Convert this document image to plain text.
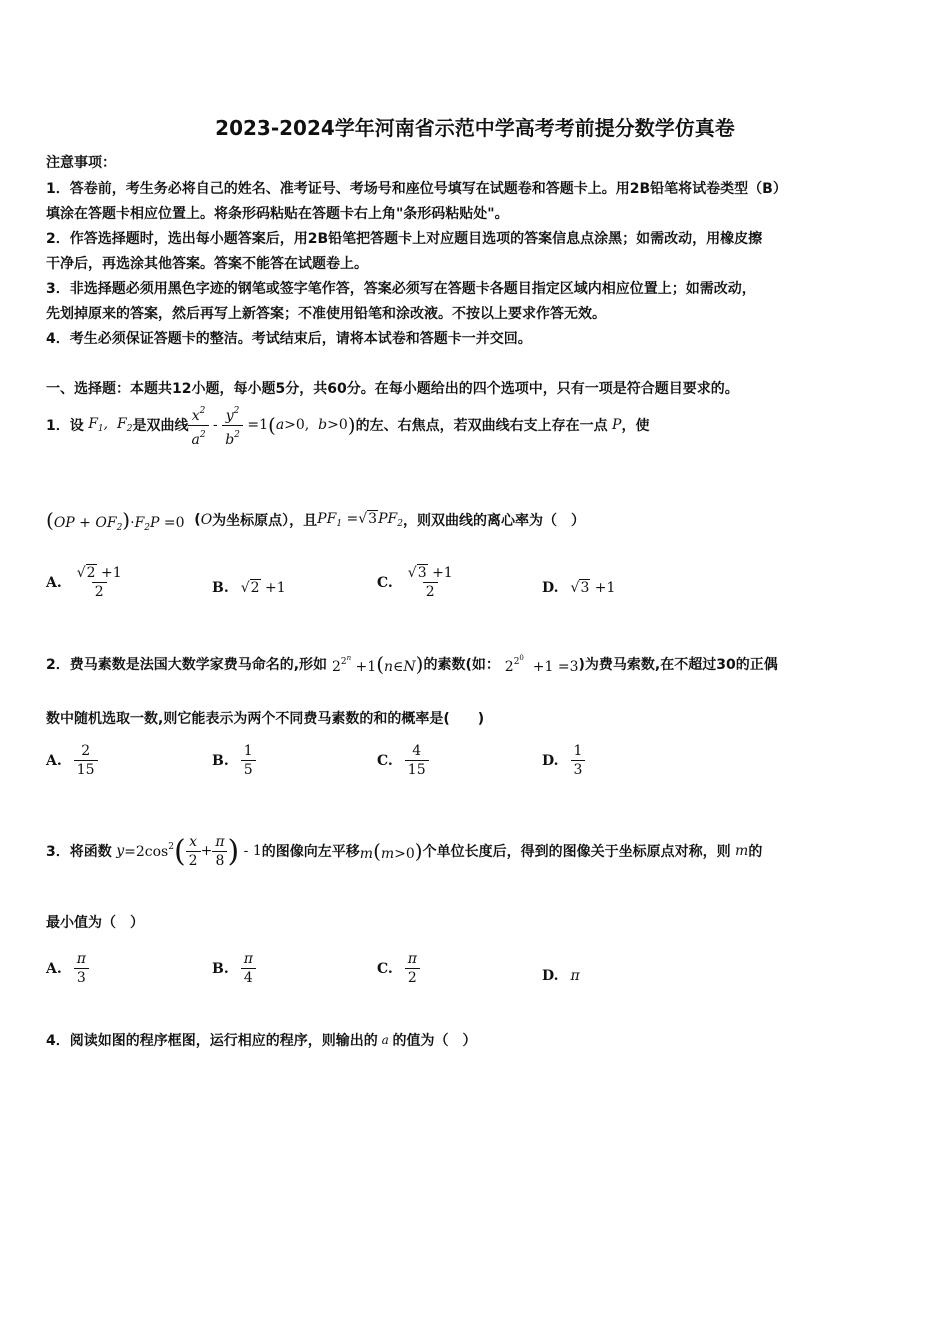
2023-2024学年河南省示范中学高考考前提分数学仿真卷
注意事项：
1．答卷前，考生务必将自己的姓名、准考证号、考场号和座位号填写在试题卷和答题卡上。用2B铅笔将试卷类型（B）
填涂在答题卡相应位置上。将条形码粘贴在答题卡右上角"条形码粘贴处"。
2．作答选择题时，选出每小题答案后，用2B铅笔把答题卡上对应题目选项的答案信息点涂黑；如需改动，用橡皮擦
干净后，再选涂其他答案。答案不能答在试题卷上。
3．非选择题必须用黑色字迹的钢笔或签字笔作答，答案必须写在答题卡各题目指定区域内相应位置上；如需改动，
先划掉原来的答案，然后再写上新答案；不准使用铅笔和涂改液。不按以上要求作答无效。
4．考生必须保证答题卡的整洁。考试结束后，请将本试卷和答题卡一并交回。
一、选择题：本题共12小题，每小题5分，共60分。在每小题给出的四个选项中，只有一项是符合题目要求的。
1．设 $F_1$,  $F_2$ 是双曲线 $\frac{x^2}{a^2} - \frac{y^2}{b^2} =1$ ( a >0, b >0 ) 的左、右焦点，若双曲线右支上存在一点 P ，使
$(OP + OF_2)\cdot F_2P =0$ ( O 为坐标原点），且 $PF_1 =√3PF_2$ ，则双曲线的离心率为（　）
A. $\frac{√2 +1}{2}$	B. √2 +1	C. $\frac{√3 +1}{2}$	D. √3 +1
2．费马素数是法国大数学家费马命名的,形如 $2^{2^n}$ +1(n∈N) 的素数(如： $2^{2^0} +1 =3$ )为费马索数,在不超过30的正偶
数中随机选取一数,则它能表示为两个不同费马素数的和的概率是(　　)
A. $\frac{2}{15}$	B. $\frac{1}{5}$	C. $\frac{4}{15}$	D. $\frac{1}{3}$
3．将函数 $y =2\cos^2$ ( $\frac{x}{2} + \frac{\pi}{8}$ ) - 1 的图像向左平移 m(m>0) 个单位长度后，得到的图像关于坐标原点对称，则 m 的
最小值为（　）
A. $\frac{\pi}{3}$	B. $\frac{\pi}{4}$	C. $\frac{\pi}{2}$	D. π
4．阅读如图的程序框图，运行相应的程序，则输出的 a 的值为（　）
